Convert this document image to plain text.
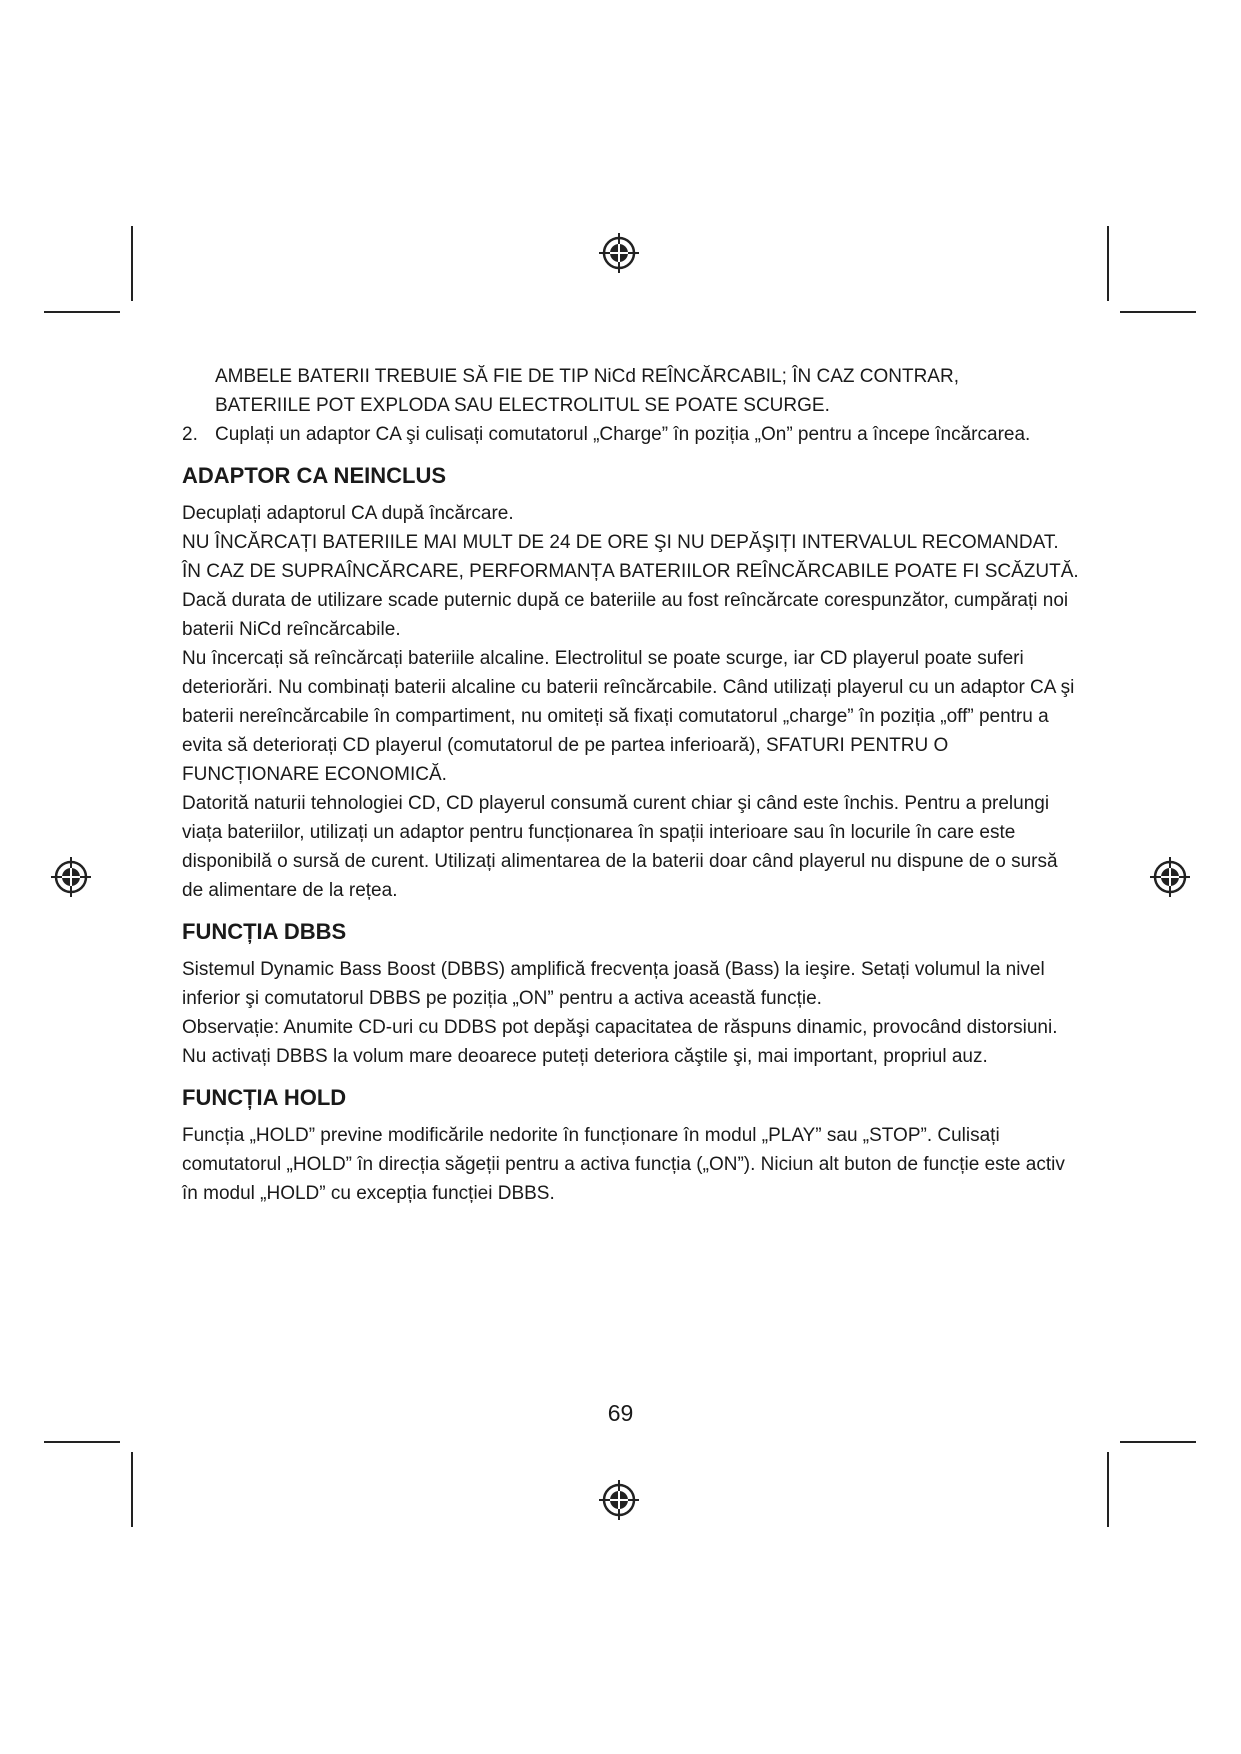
AMBELE BATERII TREBUIE SĂ FIE DE TIP NiCd REÎNCĂRCABIL; ÎN CAZ CONTRAR,

BATERIILE POT EXPLODA SAU ELECTROLITUL SE POATE SCURGE.

2. Cuplați un adaptor CA şi culisați comutatorul „Charge” în poziția „On” pentru a începe încărcarea.

ADAPTOR CA NEINCLUS

Decuplați adaptorul CA după încărcare.

NU ÎNCĂRCAȚI BATERIILE MAI MULT DE 24 DE ORE ŞI NU DEPĂŞIȚI INTERVALUL RECOMANDAT. ÎN CAZ DE SUPRAÎNCĂRCARE, PERFORMANȚA BATERIILOR REÎNCĂRCABILE POATE FI SCĂZUTĂ.

Dacă durata de utilizare scade puternic după ce bateriile au fost reîncărcate corespunzător, cumpărați noi baterii NiCd reîncărcabile.

Nu încercați să reîncărcați bateriile alcaline. Electrolitul se poate scurge, iar CD playerul poate suferi deteriorări. Nu combinați baterii alcaline cu baterii reîncărcabile. Când utilizați playerul cu un adaptor CA şi baterii nereîncărcabile în compartiment, nu omiteți să fixați comutatorul „charge” în poziția „off” pentru a evita să deteriorați CD playerul (comutatorul de pe partea inferioară), SFATURI PENTRU O FUNCȚIONARE ECONOMICĂ.

Datorită naturii tehnologiei CD, CD playerul consumă curent chiar şi când este închis. Pentru a prelungi viața bateriilor, utilizați un adaptor pentru funcționarea în spații interioare sau în locurile în care este disponibilă o sursă de curent. Utilizați alimentarea de la baterii doar când playerul nu dispune de o sursă de alimentare de la rețea.

FUNCȚIA DBBS

Sistemul Dynamic Bass Boost (DBBS) amplifică frecvența joasă (Bass) la ieşire. Setați volumul la nivel inferior şi comutatorul DBBS pe poziția „ON” pentru a activa această funcție.

Observație: Anumite CD-uri cu DDBS pot depăşi capacitatea de răspuns dinamic, provocând distorsiuni. Nu activați DBBS la volum mare deoarece puteți deteriora căştile şi, mai important, propriul auz.

FUNCȚIA HOLD

Funcția „HOLD” previne modificările nedorite în funcționare în modul „PLAY” sau „STOP”. Culisați comutatorul „HOLD” în direcția săgeții pentru a activa funcția („ON”). Niciun alt buton de funcție este activ în modul „HOLD” cu excepția funcției DBBS.

69
